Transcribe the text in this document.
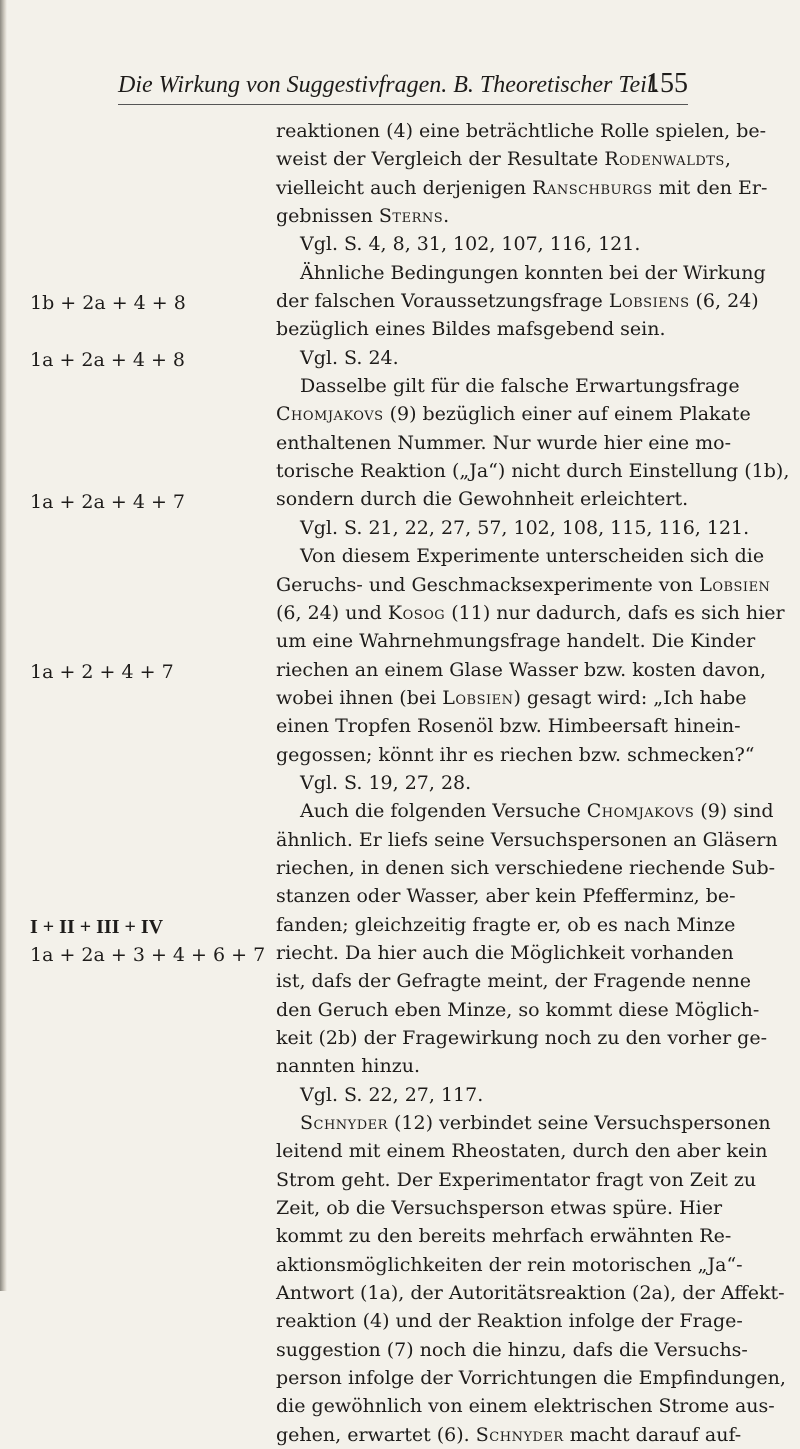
Die Wirkung von Suggestivfragen. B. Theoretischer Teil.
155
1b + 2a + 4 + 8
1a + 2a + 4 + 8
1a + 2a + 4 + 7
1a + 2 + 4 + 7
I + II + III + IV
1a + 2a + 3 + 4 + 6 + 7
reaktionen (4) eine beträchtliche Rolle spielen, be-
weist der Vergleich der Resultate Rodenwaldts,
vielleicht auch derjenigen Ranschburgs mit den Er-
gebnissen Sterns.
Vgl. S. 4, 8, 31, 102, 107, 116, 121.
Ähnliche Bedingungen konnten bei der Wirkung
der falschen Voraussetzungsfrage Lobsiens (6, 24)
bezüglich eines Bildes mafsgebend sein.
Vgl. S. 24.
Dasselbe gilt für die falsche Erwartungsfrage
Chomjakovs (9) bezüglich einer auf einem Plakate
enthaltenen Nummer. Nur wurde hier eine mo-
torische Reaktion („Ja“) nicht durch Einstellung (1b),
sondern durch die Gewohnheit erleichtert.
Vgl. S. 21, 22, 27, 57, 102, 108, 115, 116, 121.
Von diesem Experimente unterscheiden sich die
Geruchs- und Geschmacksexperimente von Lobsien
(6, 24) und Kosog (11) nur dadurch, dafs es sich hier
um eine Wahrnehmungsfrage handelt. Die Kinder
riechen an einem Glase Wasser bzw. kosten davon,
wobei ihnen (bei Lobsien) gesagt wird: „Ich habe
einen Tropfen Rosenöl bzw. Himbeersaft hinein-
gegossen; könnt ihr es riechen bzw. schmecken?“
Vgl. S. 19, 27, 28.
Auch die folgenden Versuche Chomjakovs (9) sind
ähnlich. Er liefs seine Versuchspersonen an Gläsern
riechen, in denen sich verschiedene riechende Sub-
stanzen oder Wasser, aber kein Pfefferminz, be-
fanden; gleichzeitig fragte er, ob es nach Minze
riecht. Da hier auch die Möglichkeit vorhanden
ist, dafs der Gefragte meint, der Fragende nenne
den Geruch eben Minze, so kommt diese Möglich-
keit (2b) der Fragewirkung noch zu den vorher ge-
nannten hinzu.
Vgl. S. 22, 27, 117.
Schnyder (12) verbindet seine Versuchspersonen
leitend mit einem Rheostaten, durch den aber kein
Strom geht. Der Experimentator fragt von Zeit zu
Zeit, ob die Versuchsperson etwas spüre. Hier
kommt zu den bereits mehrfach erwähnten Re-
aktionsmöglichkeiten der rein motorischen „Ja“-
Antwort (1a), der Autoritätsreaktion (2a), der Affekt-
reaktion (4) und der Reaktion infolge der Frage-
suggestion (7) noch die hinzu, dafs die Versuchs-
person infolge der Vorrichtungen die Empfindungen,
die gewöhnlich von einem elektrischen Strome aus-
gehen, erwartet (6). Schnyder macht darauf auf-
